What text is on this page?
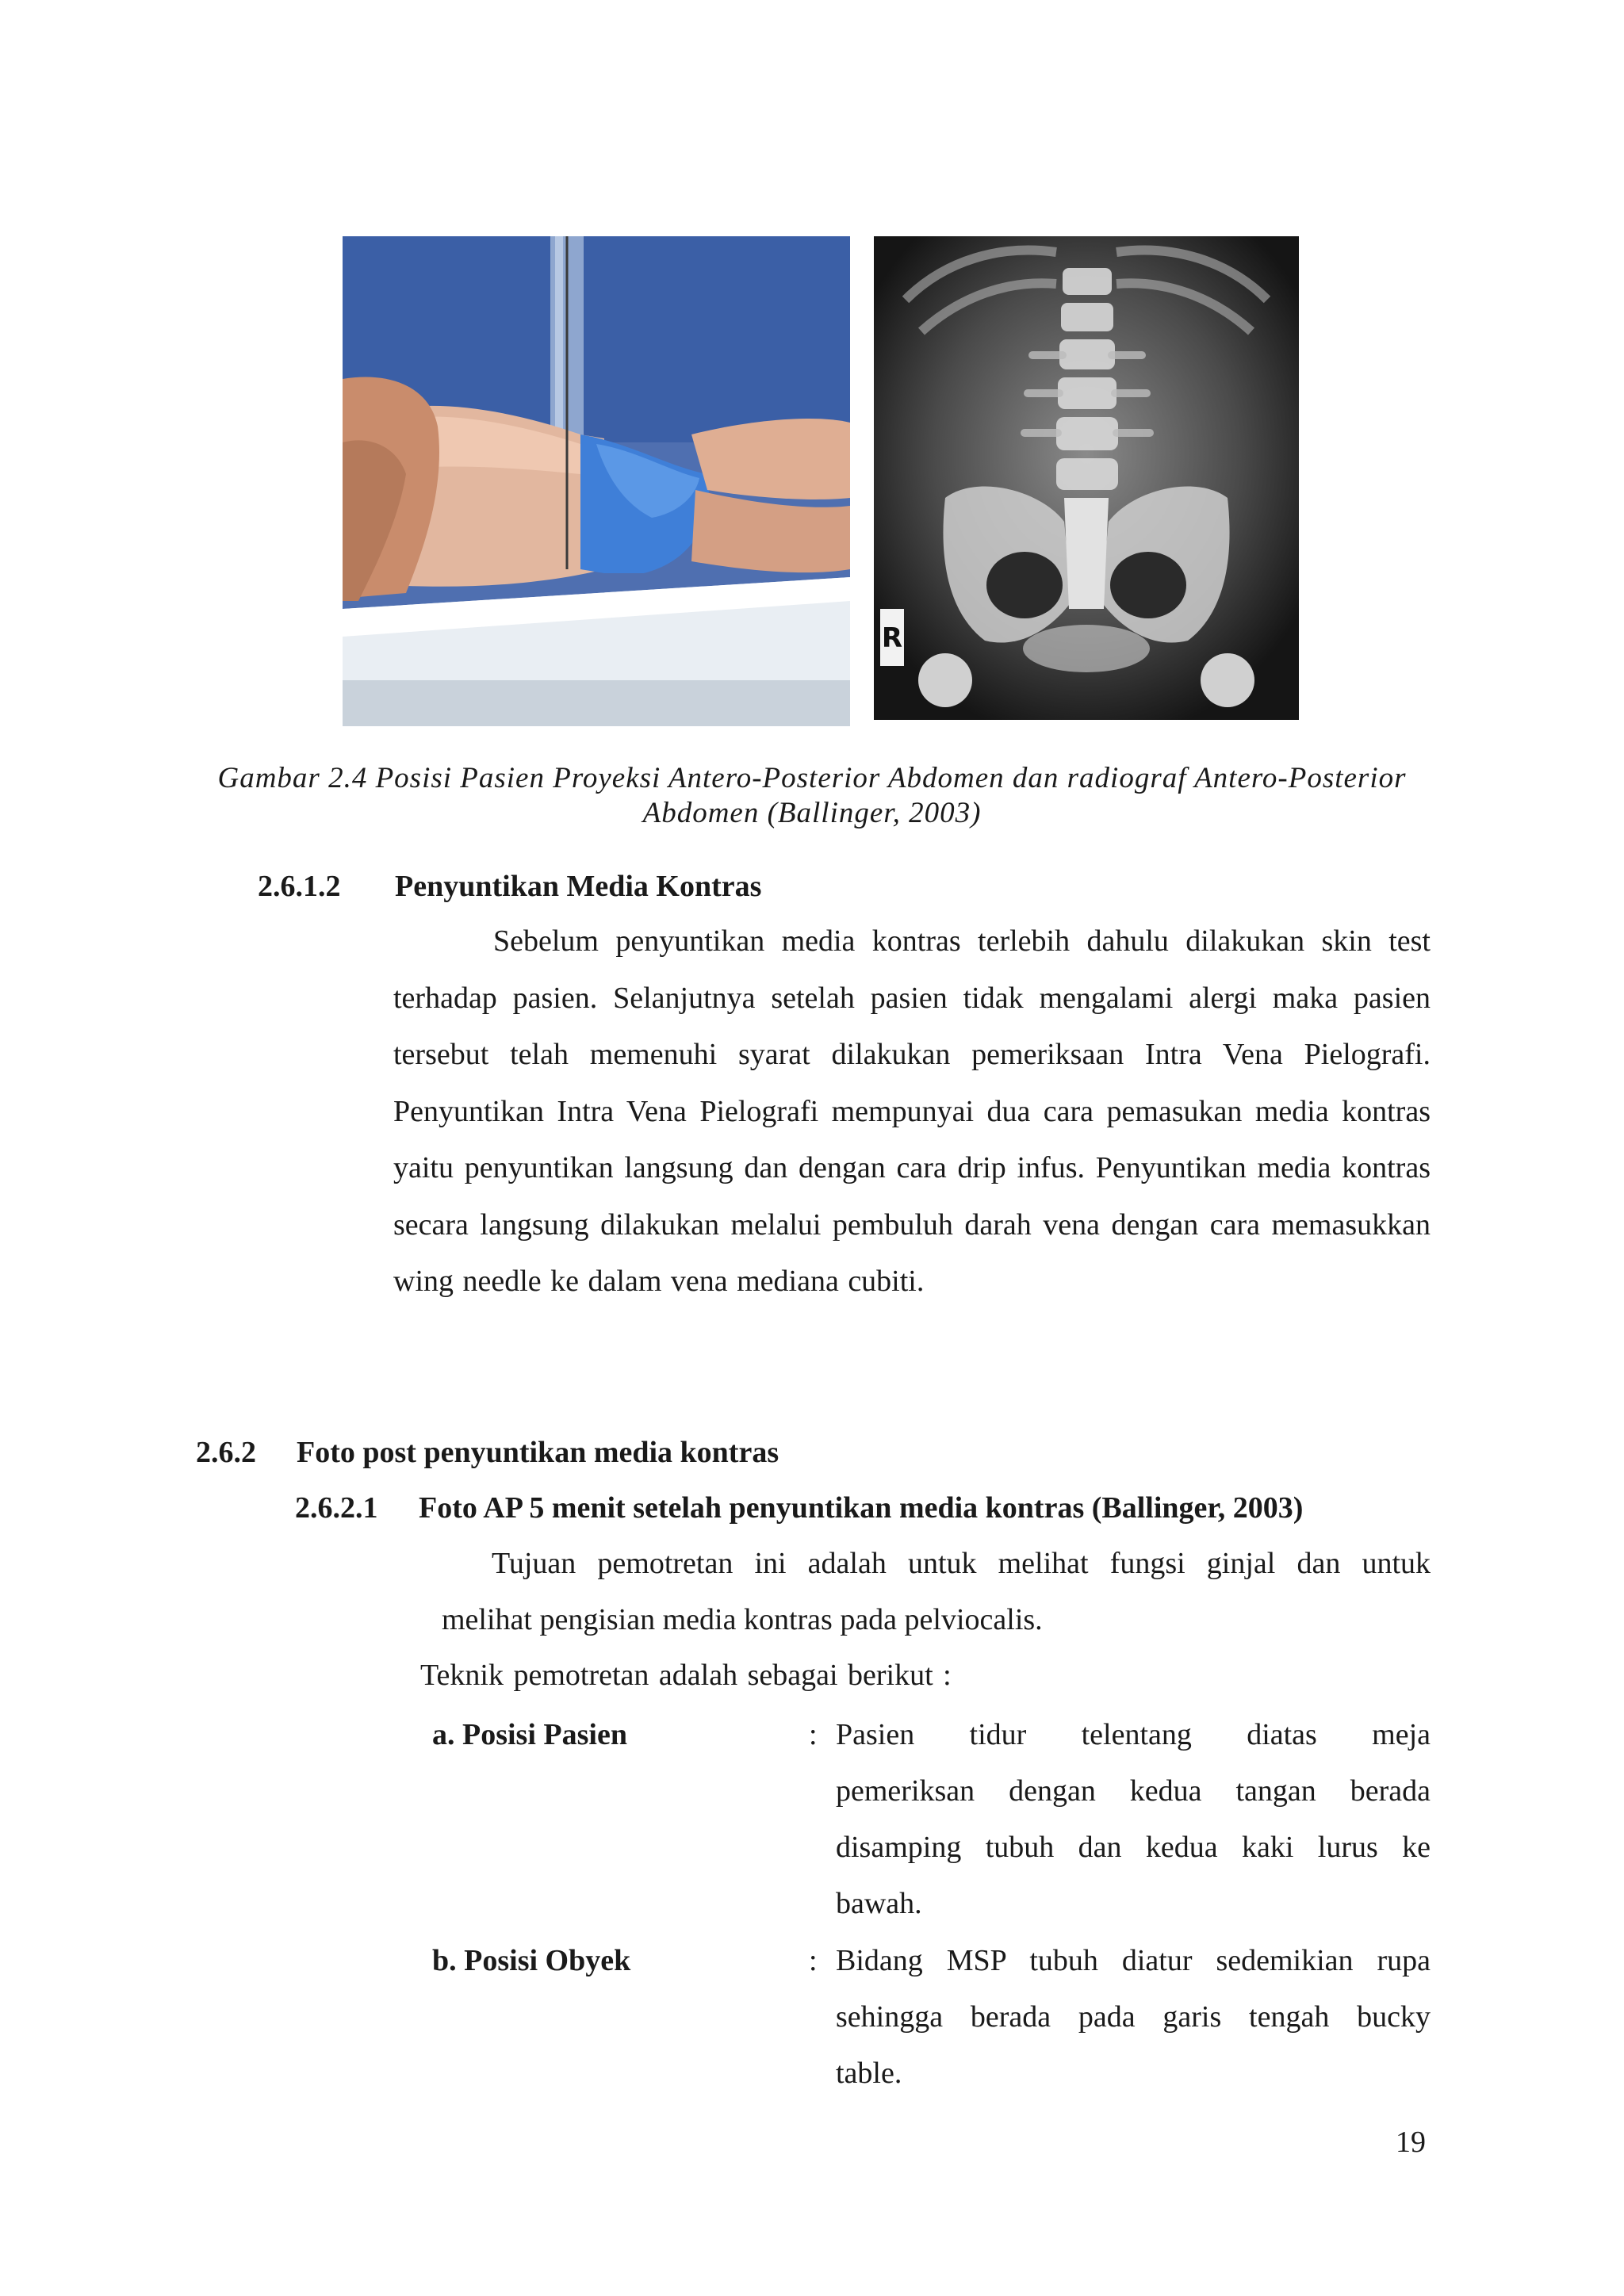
R
Gambar 2.4 Posisi Pasien Proyeksi Antero-Posterior Abdomen dan radiograf Antero-Posterior
Abdomen (Ballinger, 2003)
2.6.1.2 Penyuntikan Media Kontras
Sebelum penyuntikan media kontras terlebih dahulu dilakukan skin test terhadap pasien. Selanjutnya setelah pasien tidak mengalami alergi maka pasien tersebut telah memenuhi syarat dilakukan pemeriksaan Intra Vena Pielografi. Penyuntikan Intra Vena Pielografi mempunyai dua cara pemasukan media kontras yaitu penyuntikan langsung dan dengan cara drip infus. Penyuntikan media kontras secara langsung dilakukan melalui pembuluh darah vena dengan cara memasukkan wing needle ke dalam vena mediana cubiti.
2.6.2 Foto post penyuntikan media kontras
2.6.2.1 Foto AP 5 menit setelah penyuntikan media kontras (Ballinger, 2003)
Tujuan pemotretan ini adalah untuk melihat fungsi ginjal dan untuk
melihat pengisian media kontras pada pelviocalis.
Teknik pemotretan adalah sebagai berikut :
a. Posisi Pasien	: Pasien tidur telentang diatas meja
pemeriksan dengan kedua tangan berada
disamping tubuh dan kedua kaki lurus ke
bawah.
b. Posisi Obyek	: Bidang MSP tubuh diatur sedemikian rupa
sehingga berada pada garis tengah bucky
table.
19
